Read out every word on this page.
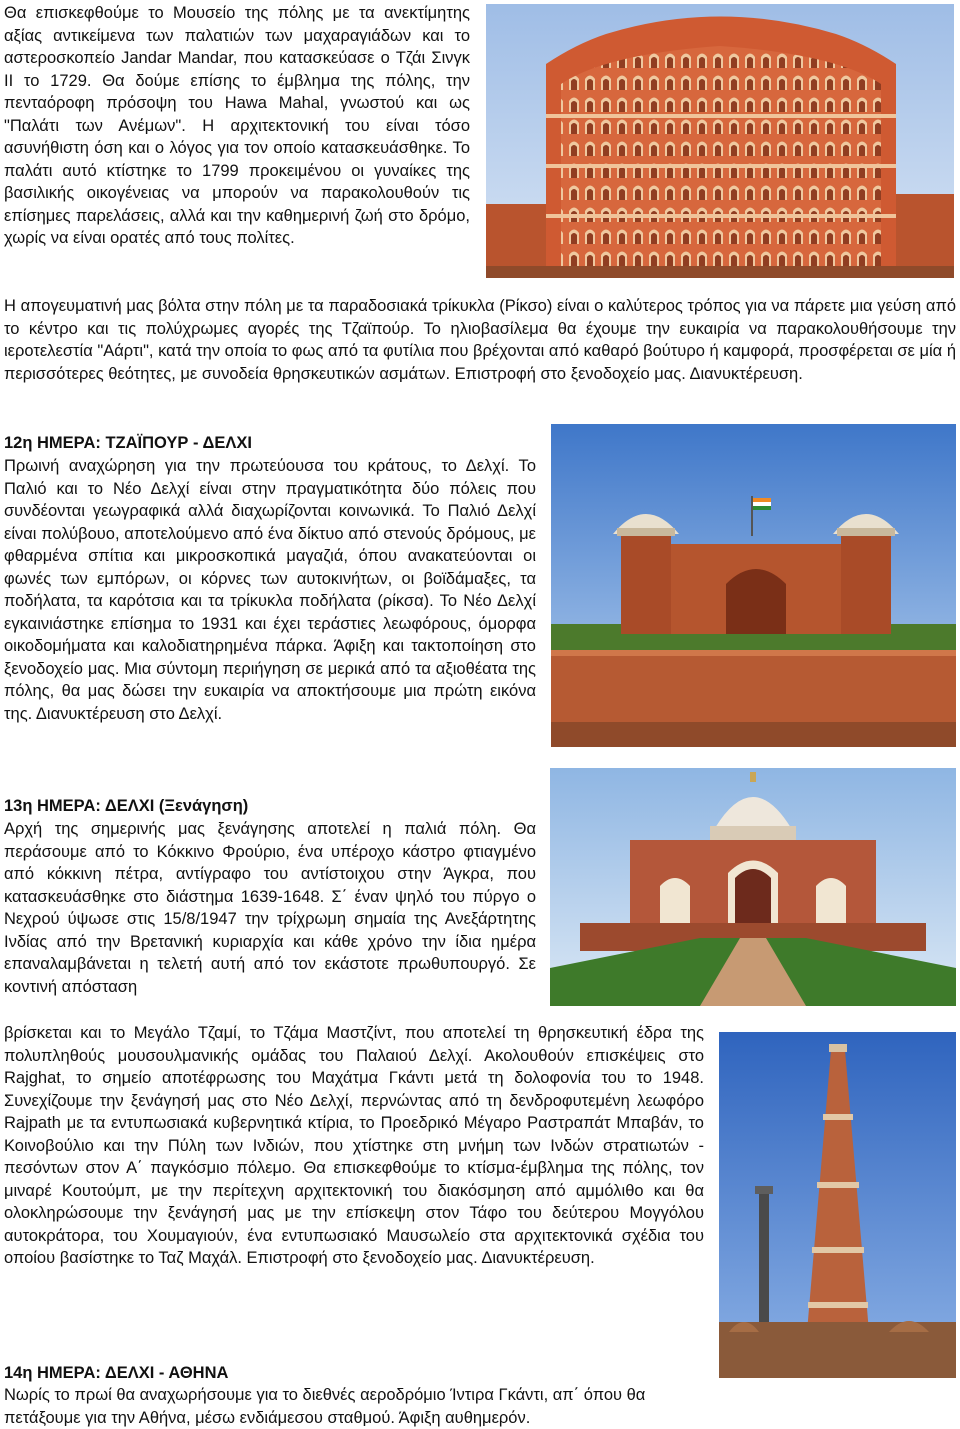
Θα επισκεφθούμε το Μουσείο της πόλης με τα ανεκτίμητης αξίας αντικείμενα των παλατιών των μαχαραγιάδων και το αστεροσκοπείο Jandar Mandar, που κατασκεύασε ο Τζάι Σινγκ II το 1729. Θα δούμε επίσης το έμβλημα της πόλης, την πενταόροφη πρόσοψη του Hawa Mahal, γνωστού και ως "Παλάτι των Ανέμων". Η αρχιτεκτονική του είναι τόσο ασυνήθιστη όση και ο λόγος για τον οποίο κατασκευάσθηκε. Το παλάτι αυτό κτίστηκε το 1799 προκειμένου οι γυναίκες της βασιλικής οικογένειας να μπορούν να παρακολουθούν τις επίσημες παρελάσεις, αλλά και την καθημερινή ζωή στο δρόμο, χωρίς να είναι ορατές από τους πολίτες.

Η απογευματινή μας βόλτα στην πόλη με τα παραδοσιακά τρίκυκλα (Ρίκσο) είναι ο καλύτερος τρόπος για να πάρετε μια γεύση από το κέντρο και τις πολύχρωμες αγορές της Τζαϊπούρ. Το ηλιοβασίλεμα θα έχουμε την ευκαιρία να παρακολουθήσουμε την ιεροτελεστία "Αάρτι", κατά την οποία το φως από τα φυτίλια που βρέχονται από καθαρό βούτυρο ή καμφορά, προσφέρεται σε μία ή περισσότερες θεότητες, με συνοδεία θρησκευτικών ασμάτων. Επιστροφή στο ξενοδοχείο μας. Διανυκτέρευση.

12η ΗΜΕΡΑ: ΤΖΑΪΠΟΥΡ - ΔΕΛΧΙ

Πρωινή αναχώρηση για την πρωτεύουσα του κράτους, το Δελχί. Το Παλιό και το Νέο Δελχί είναι στην πραγματικότητα δύο πόλεις που συνδέονται γεωγραφικά αλλά διαχωρίζονται κοινωνικά. Το Παλιό Δελχί είναι πολύβουο, αποτελούμενο από ένα δίκτυο από στενούς δρόμους, με φθαρμένα σπίτια και μικροσκοπικά μαγαζιά, όπου ανακατεύονται οι φωνές των εμπόρων, οι κόρνες των αυτοκινήτων, οι βοϊδάμαξες, τα ποδήλατα, τα καρότσια και τα τρίκυκλα ποδήλατα (ρίκσα). Το Νέο Δελχί εγκαινιάστηκε επίσημα το 1931 και έχει τεράστιες λεωφόρους, όμορφα οικοδομήματα και καλοδιατηρημένα πάρκα. Άφιξη και τακτοποίηση στο ξενοδοχείο μας. Μια σύντομη περιήγηση σε μερικά από τα αξιοθέατα της πόλης, θα μας δώσει την ευκαιρία να αποκτήσουμε μια πρώτη εικόνα της. Διανυκτέρευση στο Δελχί.

13η ΗΜΕΡΑ: ΔΕΛΧΙ (Ξενάγηση)

Αρχή της σημερινής μας ξενάγησης αποτελεί η παλιά πόλη. Θα περάσουμε από το Κόκκινο Φρούριο, ένα υπέροχο κάστρο φτιαγμένο από κόκκινη πέτρα, αντίγραφο του αντίστοιχου στην Άγκρα, που κατασκευάσθηκε στο διάστημα 1639-1648. Σ΄ έναν ψηλό του πύργο ο Νεχρού ύψωσε στις 15/8/1947 την τρίχρωμη σημαία της Ανεξάρτητης Ινδίας από την Βρετανική κυριαρχία και κάθε χρόνο την ίδια ημέρα επαναλαμβάνεται η τελετή αυτή από τον εκάστοτε πρωθυπουργό. Σε κοντινή απόσταση

βρίσκεται και το Μεγάλο Τζαμί, το Τζάμα Μαστζίντ, που αποτελεί τη θρησκευτική έδρα της πολυπληθούς μουσουλμανικής ομάδας του Παλαιού Δελχί. Ακολουθούν επισκέψεις στο Rajghat, το σημείο αποτέφρωσης του Μαχάτμα Γκάντι μετά τη δολοφονία του το 1948. Συνεχίζουμε την ξενάγησή μας στο Νέο Δελχί, περνώντας από τη δενδροφυτεμένη λεωφόρο Rajpath με τα εντυπωσιακά κυβερνητικά κτίρια, το Προεδρικό Μέγαρο Ραστραπάτ Μπαβάν, το Κοινοβούλιο και την Πύλη των Ινδιών, που χτίστηκε στη μνήμη των Ινδών στρατιωτών - πεσόντων στον Α΄ παγκόσμιο πόλεμο. Θα επισκεφθούμε το κτίσμα-έμβλημα της πόλης, τον μιναρέ Κουτούμπ, με την περίτεχνη αρχιτεκτονική του διακόσμηση από αμμόλιθο και θα ολοκληρώσουμε την ξενάγησή μας με την επίσκεψη στον Τάφο του δεύτερου Μογγόλου αυτοκράτορα, του Χουμαγιούν, ένα εντυπωσιακό Μαυσωλείο στα αρχιτεκτονικά σχέδια του οποίου βασίστηκε το Ταζ Μαχάλ. Επιστροφή στο ξενοδοχείο μας. Διανυκτέρευση.

14η ΗΜΕΡΑ: ΔΕΛΧΙ - ΑΘΗΝΑ

Νωρίς το πρωί θα αναχωρήσουμε για το διεθνές αεροδρόμιο Ίντιρα Γκάντι, απ΄ όπου θα πετάξουμε για την Αθήνα, μέσω ενδιάμεσου σταθμού. Άφιξη αυθημερόν.
